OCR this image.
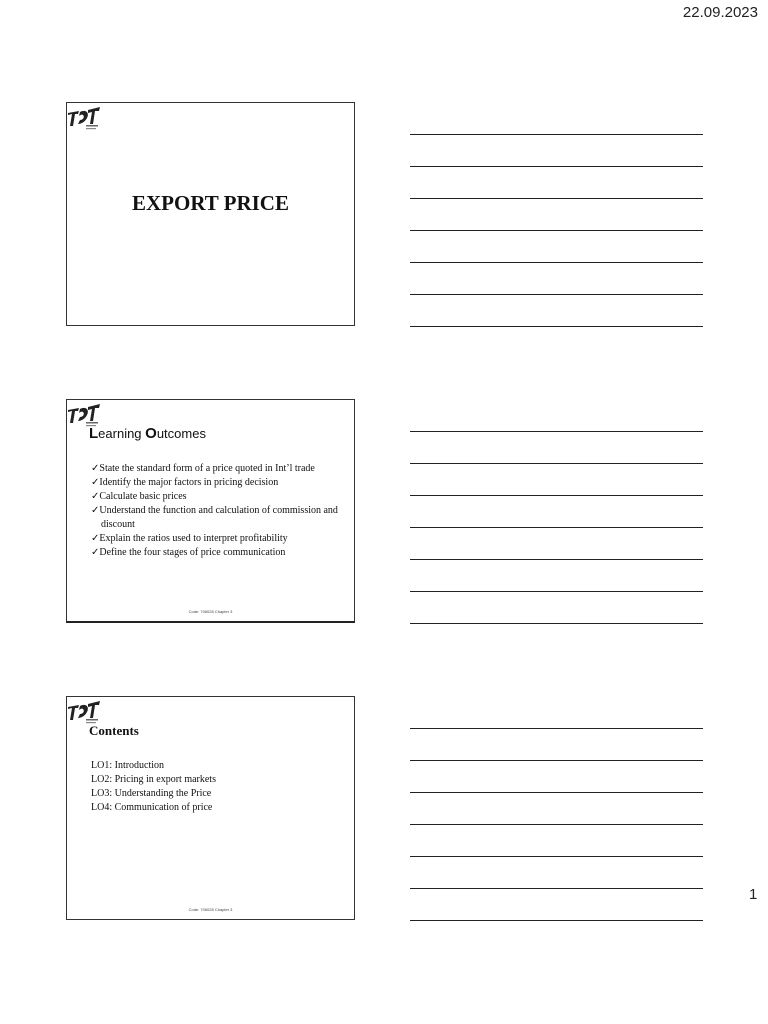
22.09.2023
EXPORT PRICE
Learning Outcomes
✓State the standard form of a price quoted in Int’l trade
✓Identify the major factors in pricing decision
✓Calculate basic prices
✓Understand the function and calculation of commission and discount
✓Explain the ratios used to interpret profitability
✓Define the four stages of price communication
Code: 706028 Chapter 3
Contents
LO1: Introduction
LO2: Pricing in export markets
LO3: Understanding the Price
LO4: Communication of price
Code: 706028 Chapter 3
1
